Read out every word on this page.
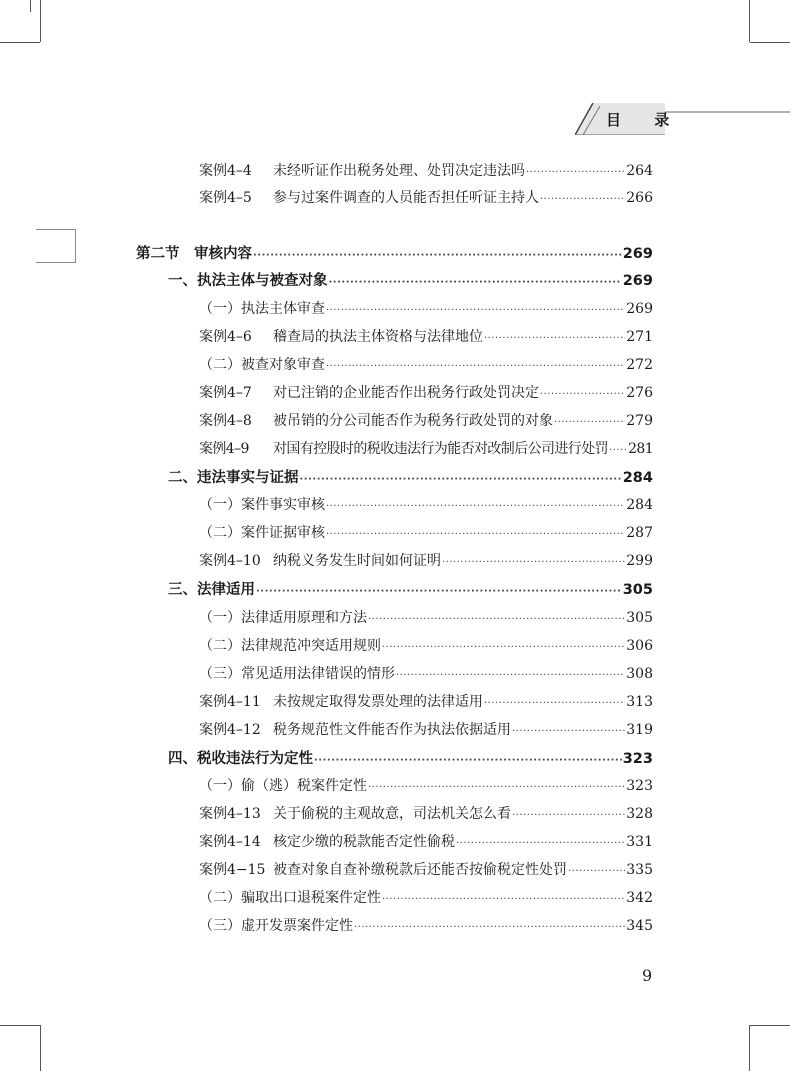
目 录
案例4–4 未经听证作出税务处理、处罚决定违法吗 ·····	264
案例4–5 参与过案件调查的人员能否担任听证主持人 ·····	266
第二节　审核内容 ·····	269
一、执法主体与被查对象 ·····	269
（一）执法主体审查 ·····	269
案例4–6 稽查局的执法主体资格与法律地位 ·····	271
（二）被查对象审查 ·····	272
案例4–7 对已注销的企业能否作出税务行政处罚决定 ·····	276
案例4–8 被吊销的分公司能否作为税务行政处罚的对象 ·····	279
案例4–9 对国有控股时的税收违法行为能否对改制后公司进行处罚 ····· 281
二、违法事实与证据 ·····	284
（一）案件事实审核 ·····	284
（二）案件证据审核 ·····	287
案例4–10 纳税义务发生时间如何证明 ·····	299
三、法律适用 ·····	305
（一）法律适用原理和方法 ·····	305
（二）法律规范冲突适用规则 ·····	306
（三）常见适用法律错误的情形 ·····	308
案例4–11 未按规定取得发票处理的法律适用 ·····	313
案例4–12 税务规范性文件能否作为执法依据适用 ·····	319
四、税收违法行为定性 ·····	323
（一）偷（逃）税案件定性 ·····	323
案例4–13 关于偷税的主观故意，司法机关怎么看 ·····	328
案例4–14 核定少缴的税款能否定性偷税 ·····	331
案例4−15 被查对象自查补缴税款后还能否按偷税定性处罚 ·····	335
（二）骗取出口退税案件定性 ·····	342
（三）虚开发票案件定性 ·····	345
9
